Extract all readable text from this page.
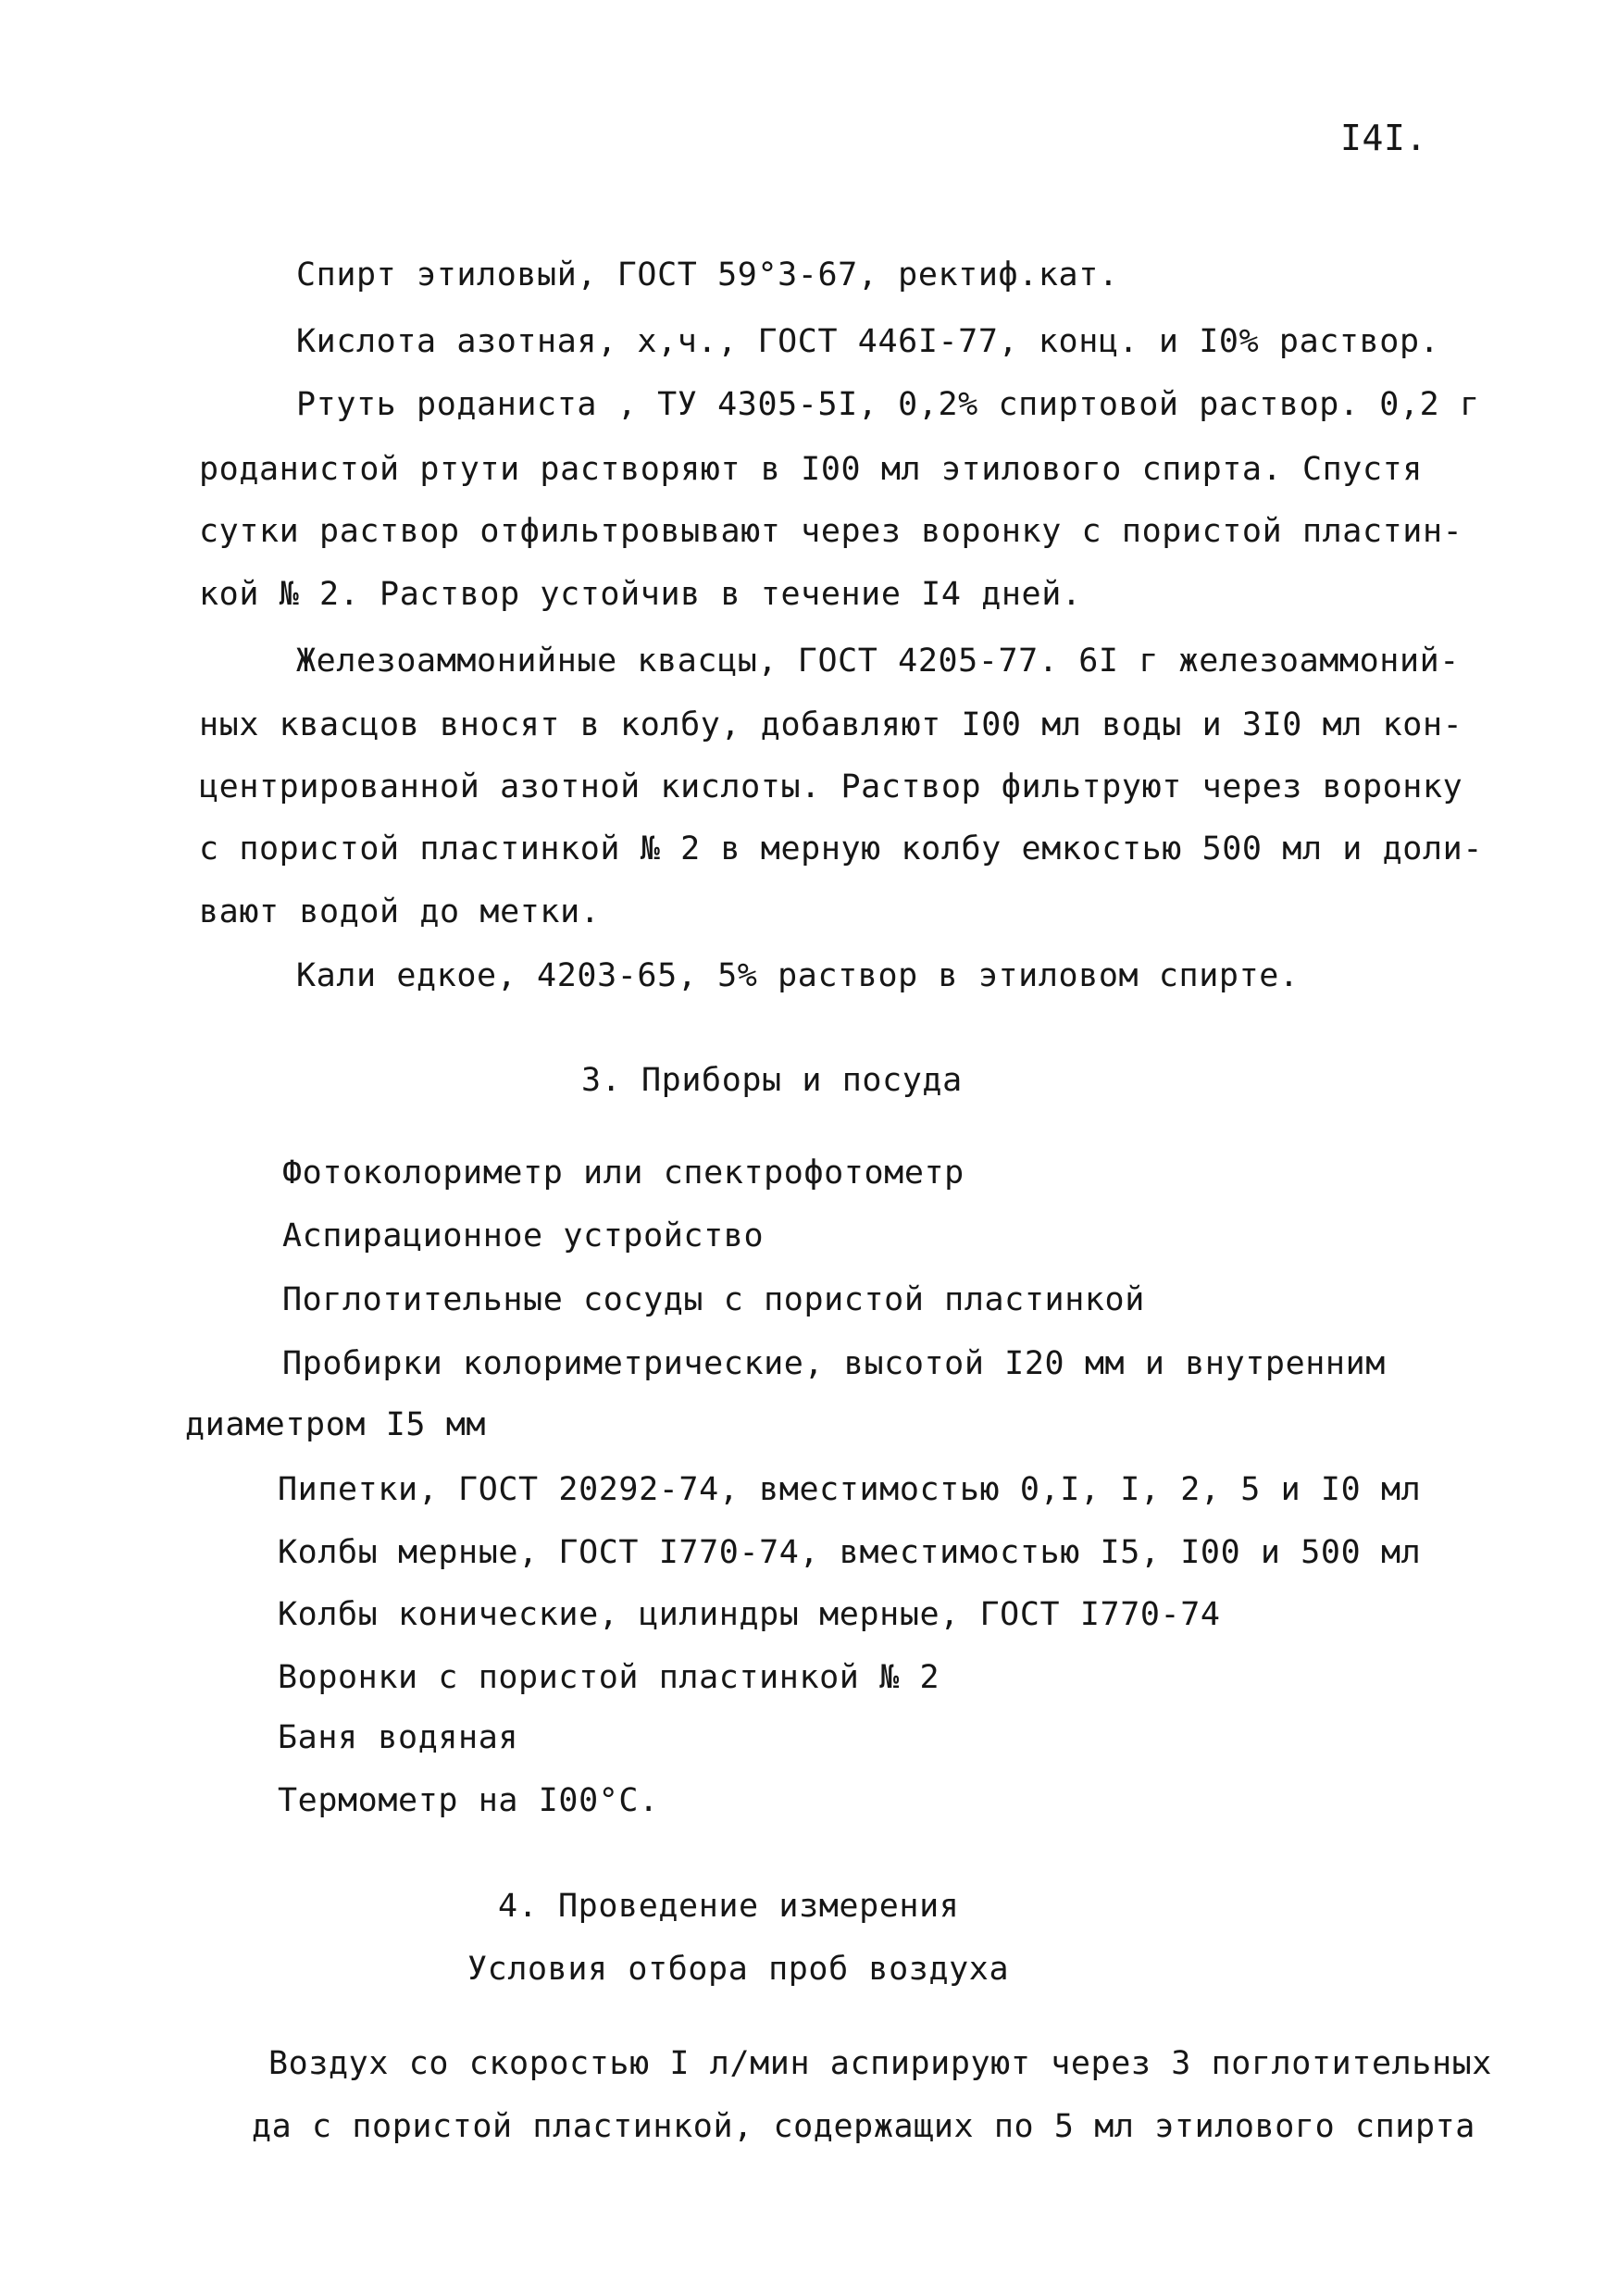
I4I.
Спирт этиловый, ГОСТ 59°3-67, ректиф.кат.
Кислота азотная, х,ч., ГОСТ 446I-77, конц. и I0% раствор.
Ртуть роданиста , ТУ 4305-5I, 0,2% спиртовой раствор. 0,2 г
роданистой ртути растворяют в I00 мл этилового спирта. Спустя
сутки раствор отфильтровывают через воронку с пористой пластин-
кой № 2. Раствор устойчив в течение I4 дней.
Железоаммонийные квасцы, ГОСТ 4205-77. 6I г железоаммоний-
ных квасцов вносят в колбу, добавляют I00 мл воды и 3I0 мл кон-
центрированной азотной кислоты. Раствор фильтруют через воронку
с пористой пластинкой № 2 в мерную колбу емкостью 500 мл и доли-
вают водой до метки.
Кали едкое, 4203-65, 5% раствор в этиловом спирте.
3. Приборы и посуда
Фотоколориметр или спектрофотометр
Аспирационное устройство
Поглотительные сосуды с пористой пластинкой
Пробирки колориметрические, высотой I20 мм и внутренним
диаметром I5 мм
Пипетки, ГОСТ 20292-74, вместимостью 0,I, I, 2, 5 и I0 мл
Колбы мерные, ГОСТ I770-74, вместимостью I5, I00 и 500 мл
Колбы конические, цилиндры мерные, ГОСТ I770-74
Воронки с пористой пластинкой № 2
Баня водяная
Термометр на I00°С.
4. Проведение измерения
Условия отбора проб воздуха
Воздух со скоростью I л/мин аспирируют через 3 поглотительных
да с пористой пластинкой, содержащих по 5 мл этилового спирта
